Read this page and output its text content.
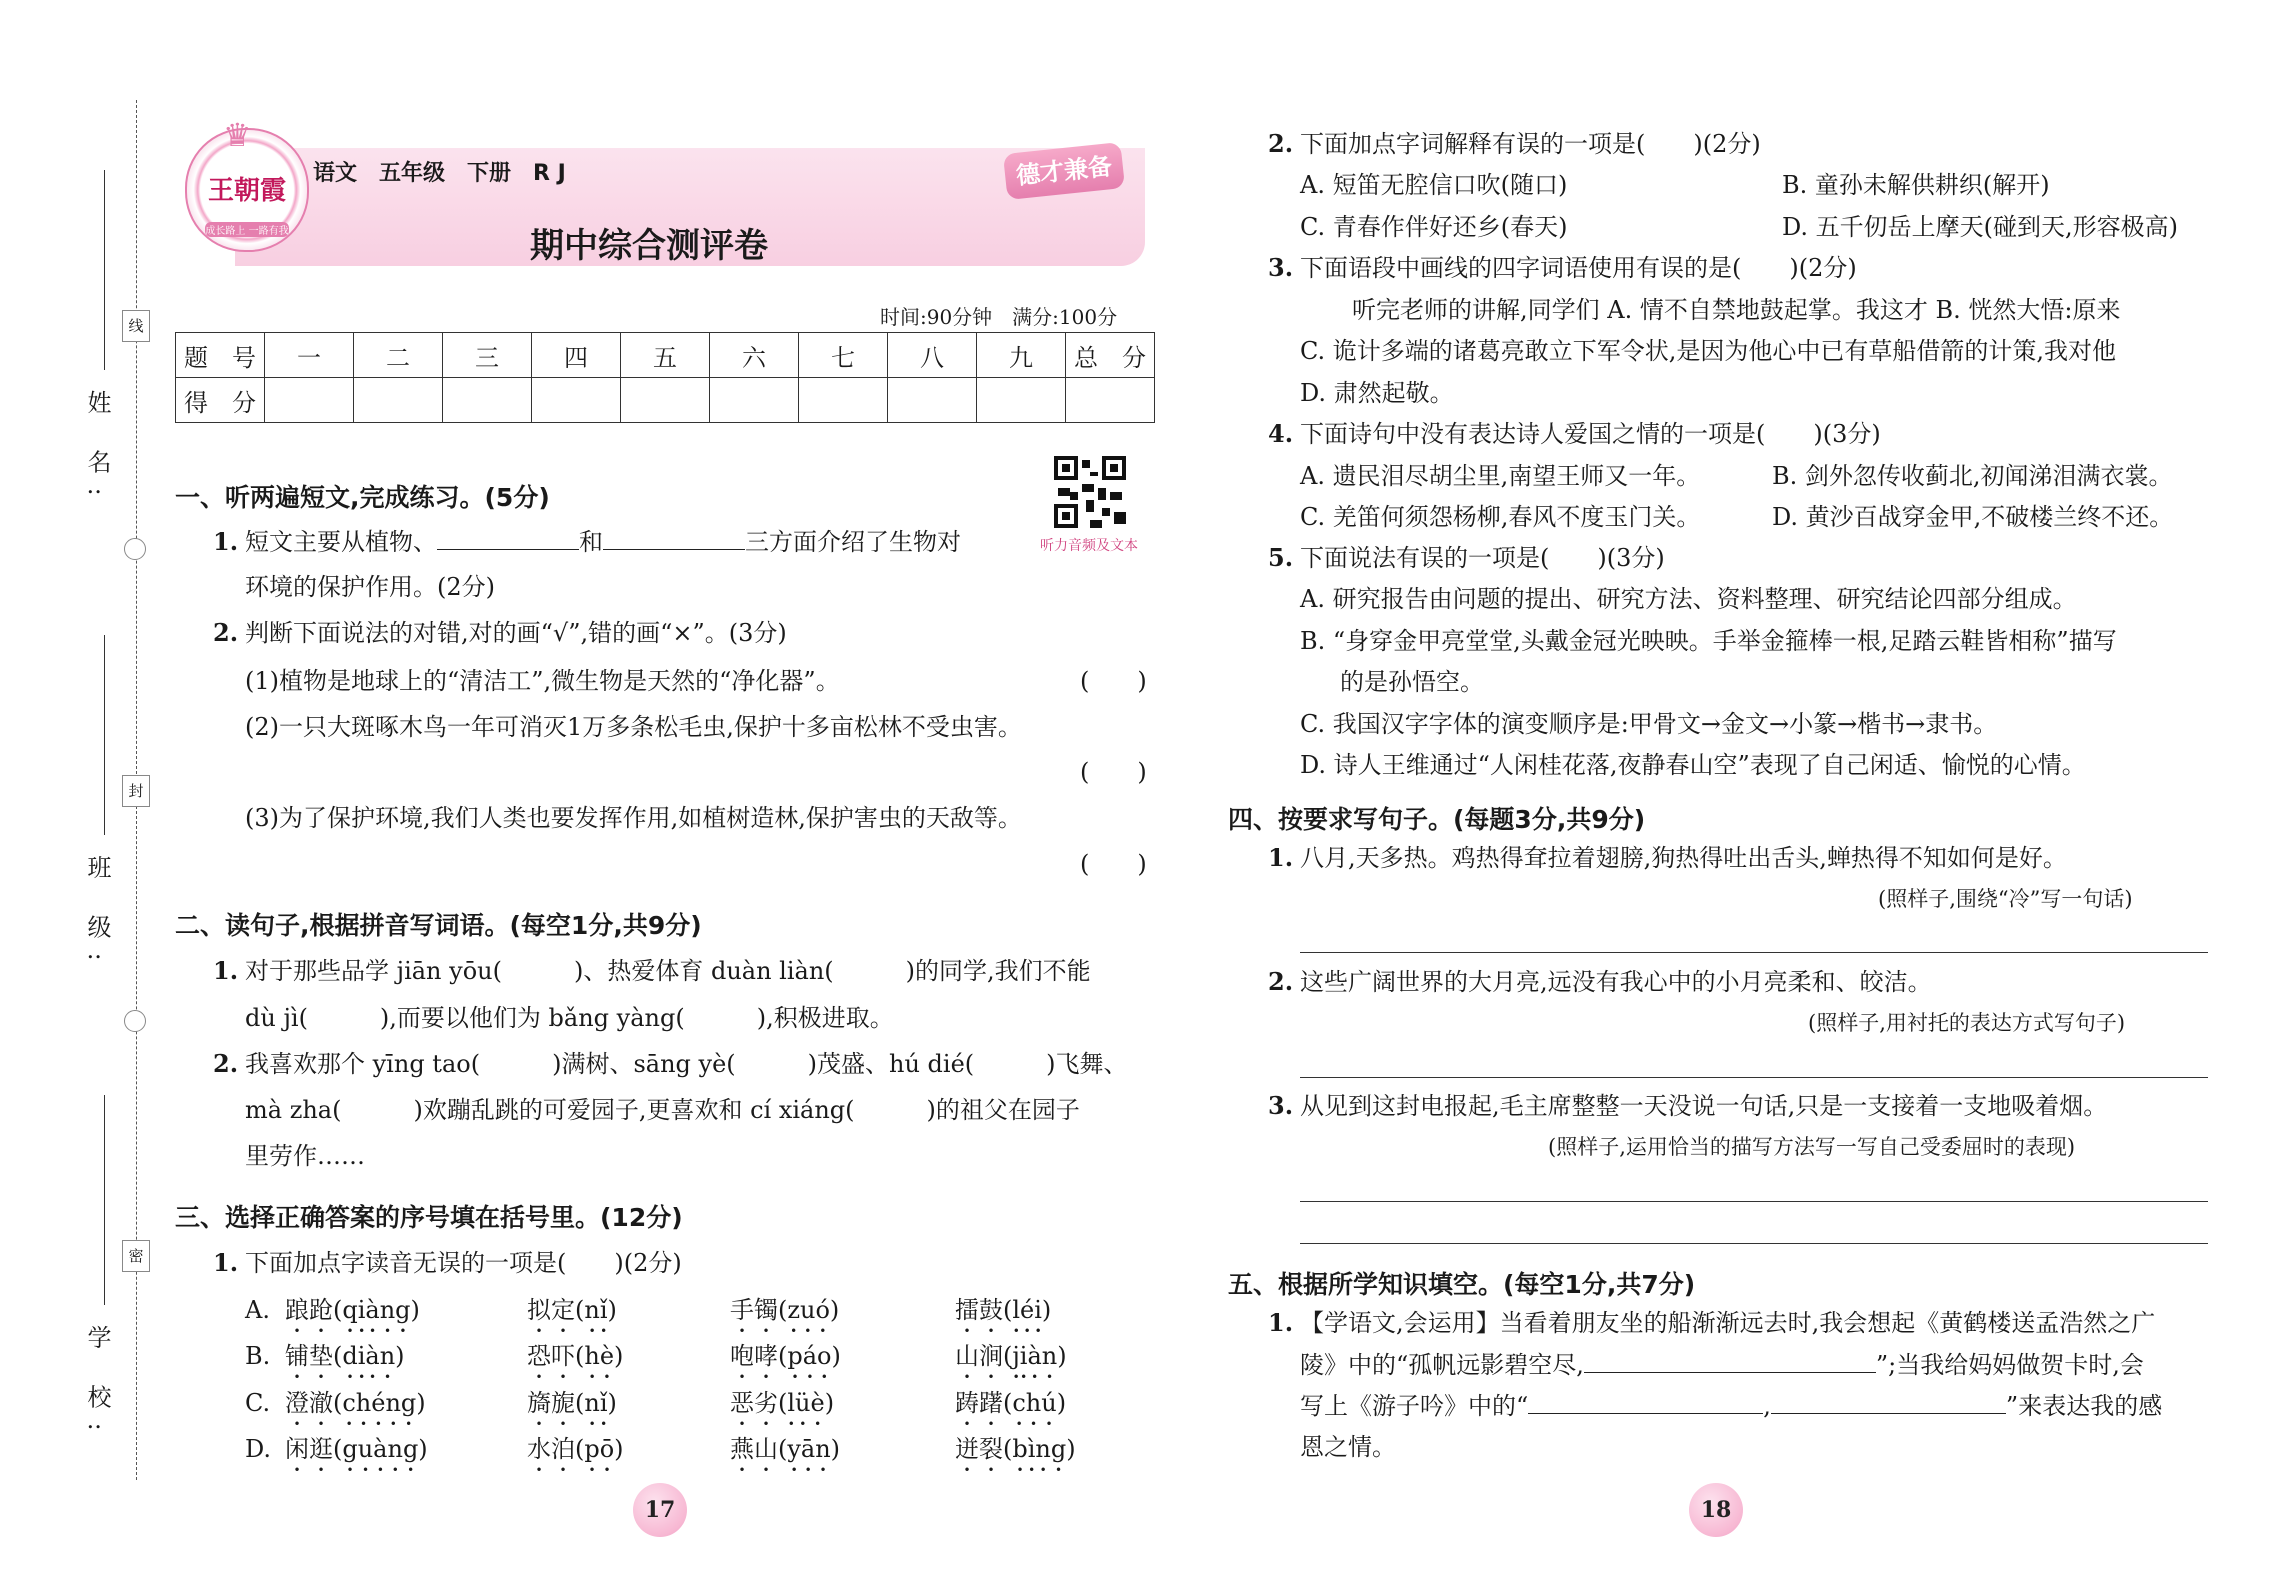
姓 名:
线
班 级:
封
学 校:
密
♛
王朝霞
成长路上 一路有我
语文　五年级　下册　R J
期中综合测评卷
德才兼备
时间:90分钟　满分:100分
题　号	一	二	三	四	五	六	七	八	九	总　分
得　分										
听力音频及文本
一、听两遍短文,完成练习。(5分)
1. 短文主要从植物、	和	三方面介绍了生物对
环境的保护作用。(2分)
2. 判断下面说法的对错,对的画“√”,错的画“×”。(3分)
(1)植物是地球上的“清洁工”,微生物是天然的“净化器”。	(　　)
(2)一只大斑啄木鸟一年可消灭1万多条松毛虫,保护十多亩松林不受虫害。
(　　)
(3)为了保护环境,我们人类也要发挥作用,如植树造林,保护害虫的天敌等。
(　　)
二、读句子,根据拼音写词语。(每空1分,共9分)
1. 对于那些品学 jiān yōu(　　　)、热爱体育 duàn liàn(　　　)的同学,我们不能
dù jì(　　　),而要以他们为 bǎng yàng(　　　),积极进取。
2. 我喜欢那个 yīng tao(　　　)满树、sāng yè(　　　)茂盛、hú dié(　　　)飞舞、
mà zha(　　　)欢蹦乱跳的可爱园子,更喜欢和 cí xiáng(　　　)的祖父在园子
里劳作……
三、选择正确答案的序号填在括号里。(12分)
1. 下面加点字读音无误的一项是(　　)(2分)
A. 踉跄(qiàng)	拟定(nǐ)	手镯(zuó)	擂鼓(léi)
B. 铺垫(diàn)	恐吓(hè)	咆哮(páo)	山涧(jiàn)
C. 澄澈(chéng)	旖旎(nǐ)	恶劣(lüè)	踌躇(chú)
D. 闲逛(guàng)	水泊(pō)	燕山(yān)	迸裂(bìng)
17
2. 下面加点字词解释有误的一项是(　　)(2分)
A. 短笛无腔信口吹(随口)	B. 童孙未解供耕织(解开)
C. 青春作伴好还乡(春天)	D. 五千仞岳上摩天(碰到天,形容极高)
3. 下面语段中画线的四字词语使用有误的是(　　)(2分)
听完老师的讲解,同学们 A. 情不自禁地鼓起掌。我这才 B. 恍然大悟:原来
C. 诡计多端的诸葛亮敢立下军令状,是因为他心中已有草船借箭的计策,我对他
D. 肃然起敬。
4. 下面诗句中没有表达诗人爱国之情的一项是(　　)(3分)
A. 遗民泪尽胡尘里,南望王师又一年。	B. 剑外忽传收蓟北,初闻涕泪满衣裳。
C. 羌笛何须怨杨柳,春风不度玉门关。	D. 黄沙百战穿金甲,不破楼兰终不还。
5. 下面说法有误的一项是(　　)(3分)
A. 研究报告由问题的提出、研究方法、资料整理、研究结论四部分组成。
B. “身穿金甲亮堂堂,头戴金冠光映映。手举金箍棒一根,足踏云鞋皆相称”描写
的是孙悟空。
C. 我国汉字字体的演变顺序是:甲骨文→金文→小篆→楷书→隶书。
D. 诗人王维通过“人闲桂花落,夜静春山空”表现了自己闲适、愉悦的心情。
四、按要求写句子。(每题3分,共9分)
1. 八月,天多热。鸡热得耷拉着翅膀,狗热得吐出舌头,蝉热得不知如何是好。
(照样子,围绕“冷”写一句话)
2. 这些广阔世界的大月亮,远没有我心中的小月亮柔和、皎洁。
(照样子,用衬托的表达方式写句子)
3. 从见到这封电报起,毛主席整整一天没说一句话,只是一支接着一支地吸着烟。
(照样子,运用恰当的描写方法写一写自己受委屈时的表现)
五、根据所学知识填空。(每空1分,共7分)
1. 【学语文,会运用】当看着朋友坐的船渐渐远去时,我会想起《黄鹤楼送孟浩然之广
陵》中的“孤帆远影碧空尽,	”;当我给妈妈做贺卡时,会
写上《游子吟》中的“	,	”来表达我的感
恩之情。
18
